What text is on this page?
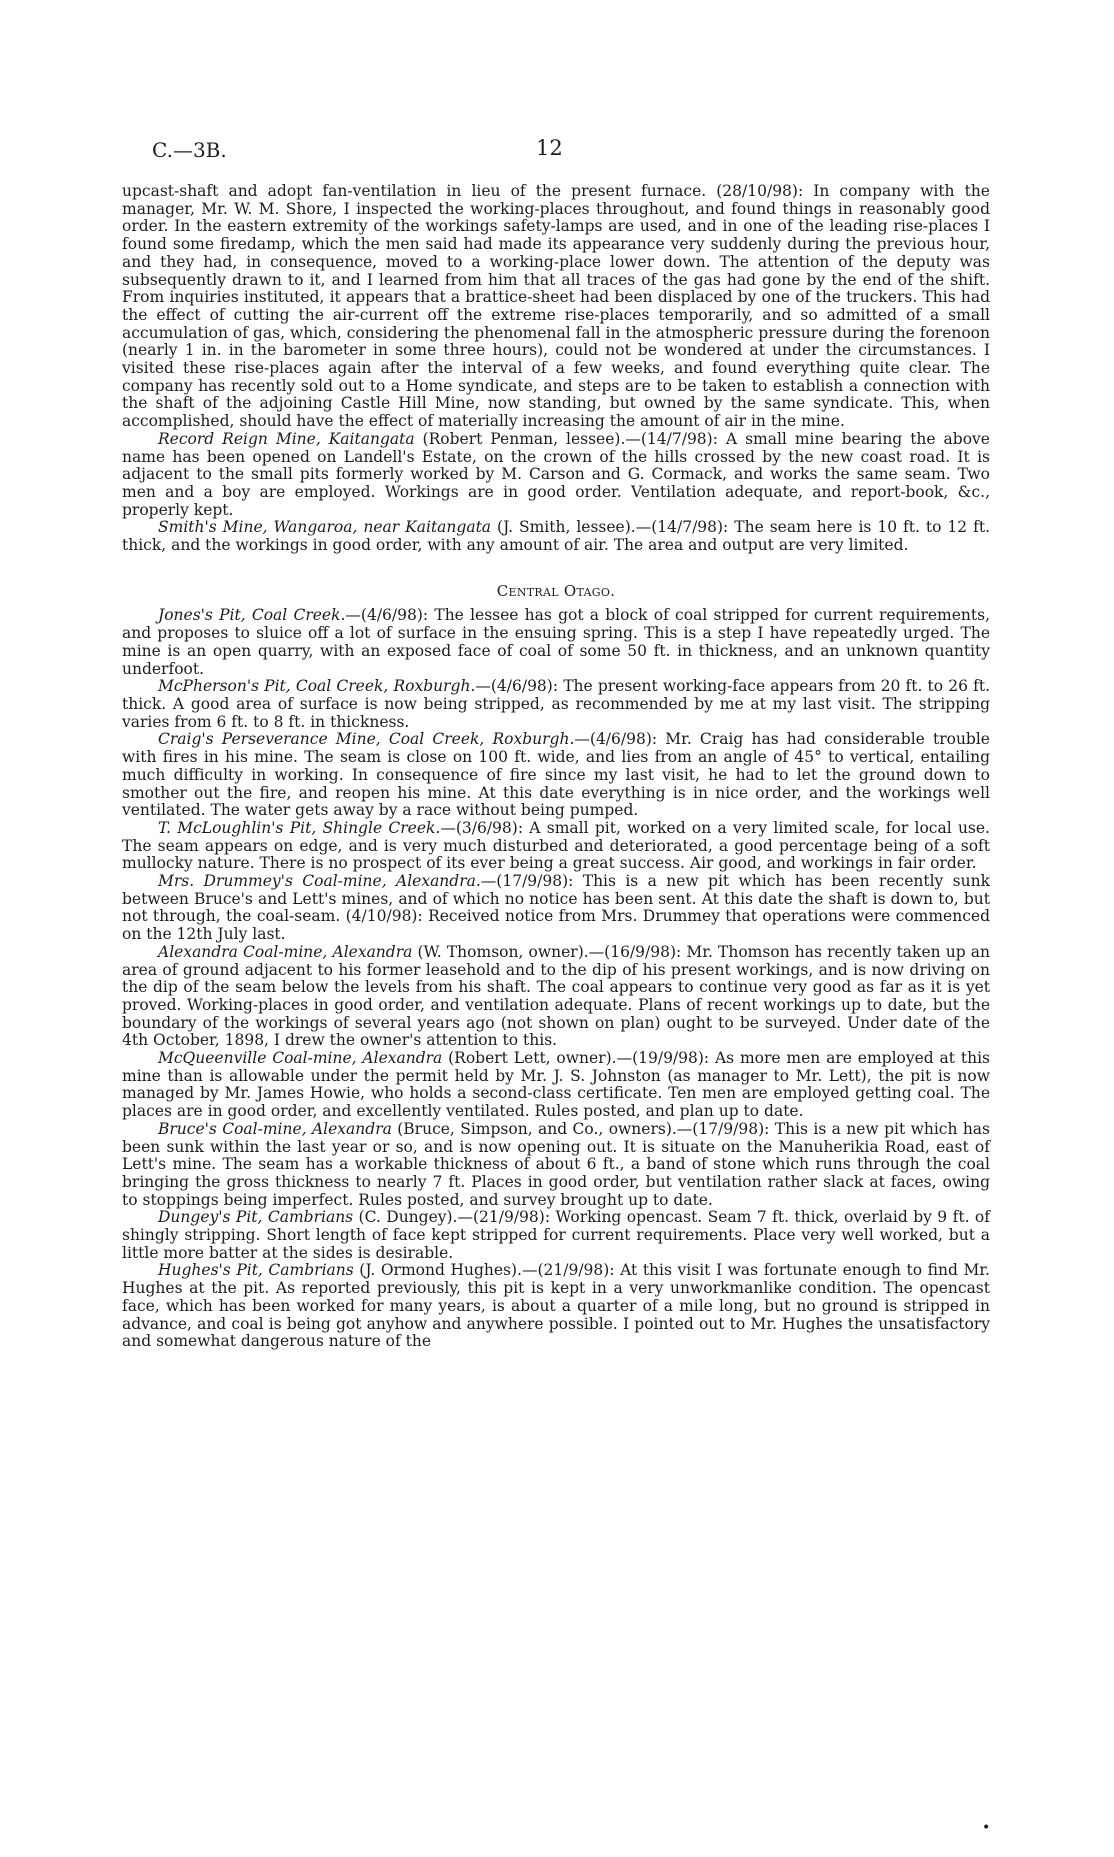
C.—3B.	12

upcast-shaft and adopt fan-ventilation in lieu of the present furnace. (28/10/98): In company with the manager, Mr. W. M. Shore, I inspected the working-places throughout, and found things in reasonably good order. In the eastern extremity of the workings safety-lamps are used, and in one of the leading rise-places I found some firedamp, which the men said had made its appearance very suddenly during the previous hour, and they had, in consequence, moved to a working-place lower down. The attention of the deputy was subsequently drawn to it, and I learned from him that all traces of the gas had gone by the end of the shift. From inquiries instituted, it appears that a brattice-sheet had been displaced by one of the truckers. This had the effect of cutting the air-current off the extreme rise-places temporarily, and so admitted of a small accumulation of gas, which, considering the phenomenal fall in the atmospheric pressure during the forenoon (nearly 1 in. in the barometer in some three hours), could not be wondered at under the circumstances. I visited these rise-places again after the interval of a few weeks, and found everything quite clear. The company has recently sold out to a Home syndicate, and steps are to be taken to establish a connection with the shaft of the adjoining Castle Hill Mine, now standing, but owned by the same syndicate. This, when accomplished, should have the effect of materially increasing the amount of air in the mine.

Record Reign Mine, Kaitangata (Robert Penman, lessee).—(14/7/98): A small mine bearing the above name has been opened on Landell's Estate, on the crown of the hills crossed by the new coast road. It is adjacent to the small pits formerly worked by M. Carson and G. Cormack, and works the same seam. Two men and a boy are employed. Workings are in good order. Ventilation adequate, and report-book, &c., properly kept.

Smith's Mine, Wangaroa, near Kaitangata (J. Smith, lessee).—(14/7/98): The seam here is 10 ft. to 12 ft. thick, and the workings in good order, with any amount of air. The area and output are very limited.

Central Otago.

Jones's Pit, Coal Creek.—(4/6/98): The lessee has got a block of coal stripped for current requirements, and proposes to sluice off a lot of surface in the ensuing spring. This is a step I have repeatedly urged. The mine is an open quarry, with an exposed face of coal of some 50 ft. in thickness, and an unknown quantity underfoot.

McPherson's Pit, Coal Creek, Roxburgh.—(4/6/98): The present working-face appears from 20 ft. to 26 ft. thick. A good area of surface is now being stripped, as recommended by me at my last visit. The stripping varies from 6 ft. to 8 ft. in thickness.

Craig's Perseverance Mine, Coal Creek, Roxburgh.—(4/6/98): Mr. Craig has had considerable trouble with fires in his mine. The seam is close on 100 ft. wide, and lies from an angle of 45° to vertical, entailing much difficulty in working. In consequence of fire since my last visit, he had to let the ground down to smother out the fire, and reopen his mine. At this date everything is in nice order, and the workings well ventilated. The water gets away by a race without being pumped.

T. McLoughlin's Pit, Shingle Creek.—(3/6/98): A small pit, worked on a very limited scale, for local use. The seam appears on edge, and is very much disturbed and deteriorated, a good percentage being of a soft mullocky nature. There is no prospect of its ever being a great success. Air good, and workings in fair order.

Mrs. Drummey's Coal-mine, Alexandra.—(17/9/98): This is a new pit which has been recently sunk between Bruce's and Lett's mines, and of which no notice has been sent. At this date the shaft is down to, but not through, the coal-seam. (4/10/98): Received notice from Mrs. Drummey that operations were commenced on the 12th July last.

Alexandra Coal-mine, Alexandra (W. Thomson, owner).—(16/9/98): Mr. Thomson has recently taken up an area of ground adjacent to his former leasehold and to the dip of his present workings, and is now driving on the dip of the seam below the levels from his shaft. The coal appears to continue very good as far as it is yet proved. Working-places in good order, and ventilation adequate. Plans of recent workings up to date, but the boundary of the workings of several years ago (not shown on plan) ought to be surveyed. Under date of the 4th October, 1898, I drew the owner's attention to this.

McQueenville Coal-mine, Alexandra (Robert Lett, owner).—(19/9/98): As more men are employed at this mine than is allowable under the permit held by Mr. J. S. Johnston (as manager to Mr. Lett), the pit is now managed by Mr. James Howie, who holds a second-class certificate. Ten men are employed getting coal. The places are in good order, and excellently ventilated. Rules posted, and plan up to date.

Bruce's Coal-mine, Alexandra (Bruce, Simpson, and Co., owners).—(17/9/98): This is a new pit which has been sunk within the last year or so, and is now opening out. It is situate on the Manuherikia Road, east of Lett's mine. The seam has a workable thickness of about 6 ft., a band of stone which runs through the coal bringing the gross thickness to nearly 7 ft. Places in good order, but ventilation rather slack at faces, owing to stoppings being imperfect. Rules posted, and survey brought up to date.

Dungey's Pit, Cambrians (C. Dungey).—(21/9/98): Working opencast. Seam 7 ft. thick, overlaid by 9 ft. of shingly stripping. Short length of face kept stripped for current requirements. Place very well worked, but a little more batter at the sides is desirable.

Hughes's Pit, Cambrians (J. Ormond Hughes).—(21/9/98): At this visit I was fortunate enough to find Mr. Hughes at the pit. As reported previously, this pit is kept in a very unworkmanlike condition. The opencast face, which has been worked for many years, is about a quarter of a mile long, but no ground is stripped in advance, and coal is being got anyhow and anywhere possible. I pointed out to Mr. Hughes the unsatisfactory and somewhat dangerous nature of the

•
